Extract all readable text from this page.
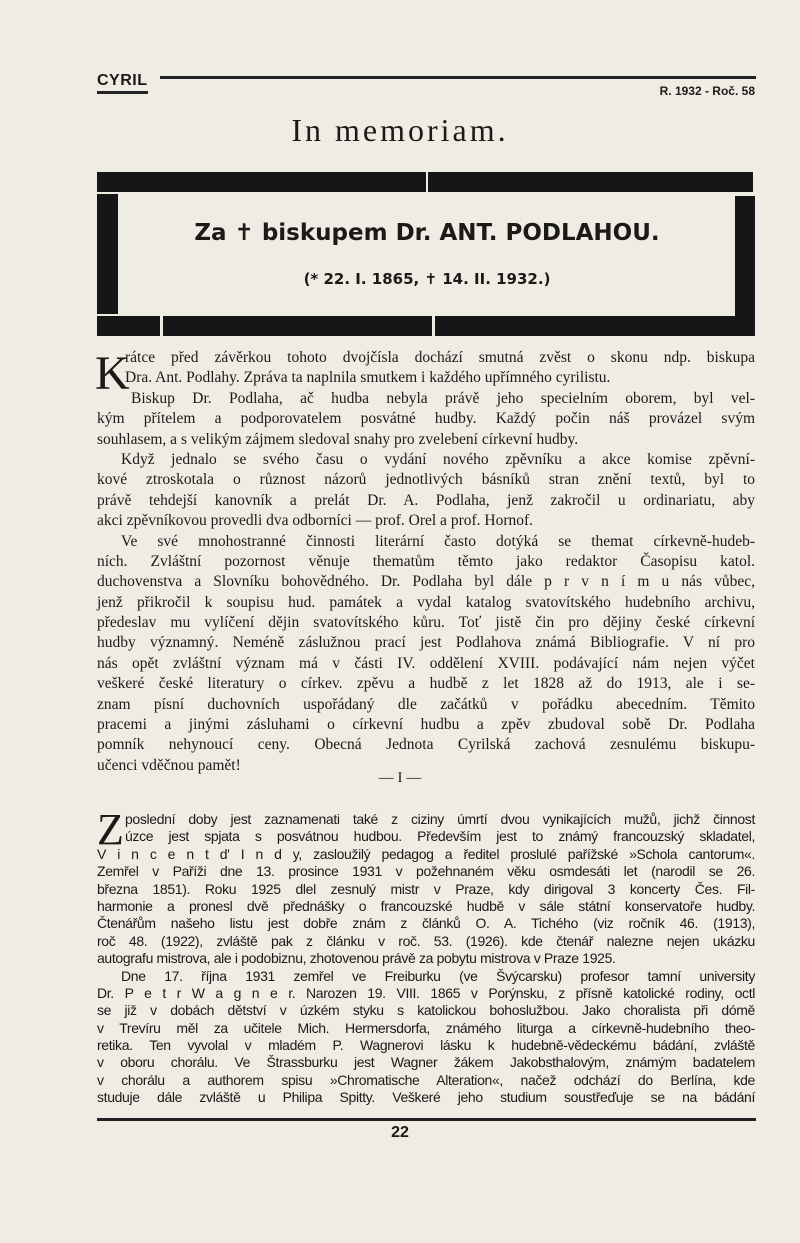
CYRIL
R. 1932 - Roč. 58
In memoriam.
Za ✝ biskupem Dr. ANT. PODLAHOU.
(* 22. I. 1865, ✝ 14. II. 1932.)
K
rátce před závěrkou tohoto dvojčísla dochází smutná zvěst o skonu ndp. biskupa
Dra. Ant. Podlahy. Zpráva ta naplnila smutkem i každého upřímného cyrilistu.
Biskup Dr. Podlaha, ač hudba nebyla právě jeho specielním oborem, byl vel-
kým přítelem a podporovatelem posvátné hudby. Každý počin náš provázel svým
souhlasem, a s velikým zájmem sledoval snahy pro zvelebení církevní hudby.
Když jednalo se svého času o vydání nového zpěvníku a akce komise zpěvní-
kové ztroskotala o různost názorů jednotlivých básníků stran znění textů, byl to
právě tehdejší kanovník a prelát Dr. A. Podlaha, jenž zakročil u ordinariatu, aby
akci zpěvníkovou provedli dva odborníci — prof. Orel a prof. Hornof.
Ve své mnohostranné činnosti literární často dotýká se themat církevně-hudeb-
ních. Zvláštní pozornost věnuje thematům těmto jako redaktor Časopisu katol.
duchovenstva a Slovníku bohovědného. Dr. Podlaha byl dále p r v n í m u nás vůbec,
jenž přikročil k soupisu hud. památek a vydal katalog svatovítského hudebního archivu,
předeslav mu vylíčení dějin svatovítského kůru. Toť jistě čin pro dějiny české církevní
hudby významný. Neméně záslužnou prací jest Podlahova známá Bibliografie. V ní pro
nás opět zvláštní význam má v části IV. oddělení XVIII. podávající nám nejen výčet
veškeré české literatury o církev. zpěvu a hudbě z let 1828 až do 1913, ale i se-
znam písní duchovních uspořádaný dle začátků v pořádku abecedním. Těmito
pracemi a jinými zásluhami o církevní hudbu a zpěv zbudoval sobě Dr. Podlaha
pomník nehynoucí ceny. Obecná Jednota Cyrilská zachová zesnulému biskupu-
učenci vděčnou pamět!
— I —
Z poslední doby jest zaznamenati také z ciziny úmrtí dvou vynikajících mužů, jichž činnost
úzce jest spjata s posvátnou hudbou. Především jest to známý francouzský skladatel,
V i n c e n t d' I n d y, zasloužilý pedagog a ředitel proslulé pařížské »Schola cantorum«.
Zemřel v Paříži dne 13. prosince 1931 v požehnaném věku osmdesáti let (narodil se 26.
března 1851). Roku 1925 dlel zesnulý mistr v Praze, kdy dirigoval 3 koncerty Čes. Fil-
harmonie a pronesl dvě přednášky o francouzské hudbě v sále státní konservatoře hudby.
Čtenářům našeho listu jest dobře znám z článků O. A. Tichého (viz ročník 46. (1913),
roč 48. (1922), zvláště pak z článku v roč. 53. (1926). kde čtenář nalezne nejen ukázku
autografu mistrova, ale i podobiznu, zhotovenou právě za pobytu mistrova v Praze 1925.
Dne 17. října 1931 zemřel ve Freiburku (ve Švýcarsku) profesor tamní university
Dr. P e t r W a g n e r. Narozen 19. VIII. 1865 v Porýnsku, z přísně katolické rodiny, octl
se již v dobách dětství v úzkém styku s katolickou bohoslužbou. Jako choralista při dómě
v Trevíru měl za učitele Mich. Hermersdorfa, známého liturga a církevně-hudebního theo-
retika. Ten vyvolal v mladém P. Wagnerovi lásku k hudebně-vědeckému bádání, zvláště
v oboru chorálu. Ve Štrassburku jest Wagner žákem Jakobsthalovým, známým badatelem
v chorálu a authorem spisu »Chromatische Alteration«, načež odchází do Berlína, kde
studuje dále zvláště u Philipa Spitty. Veškeré jeho studium soustřeďuje se na bádání
22
